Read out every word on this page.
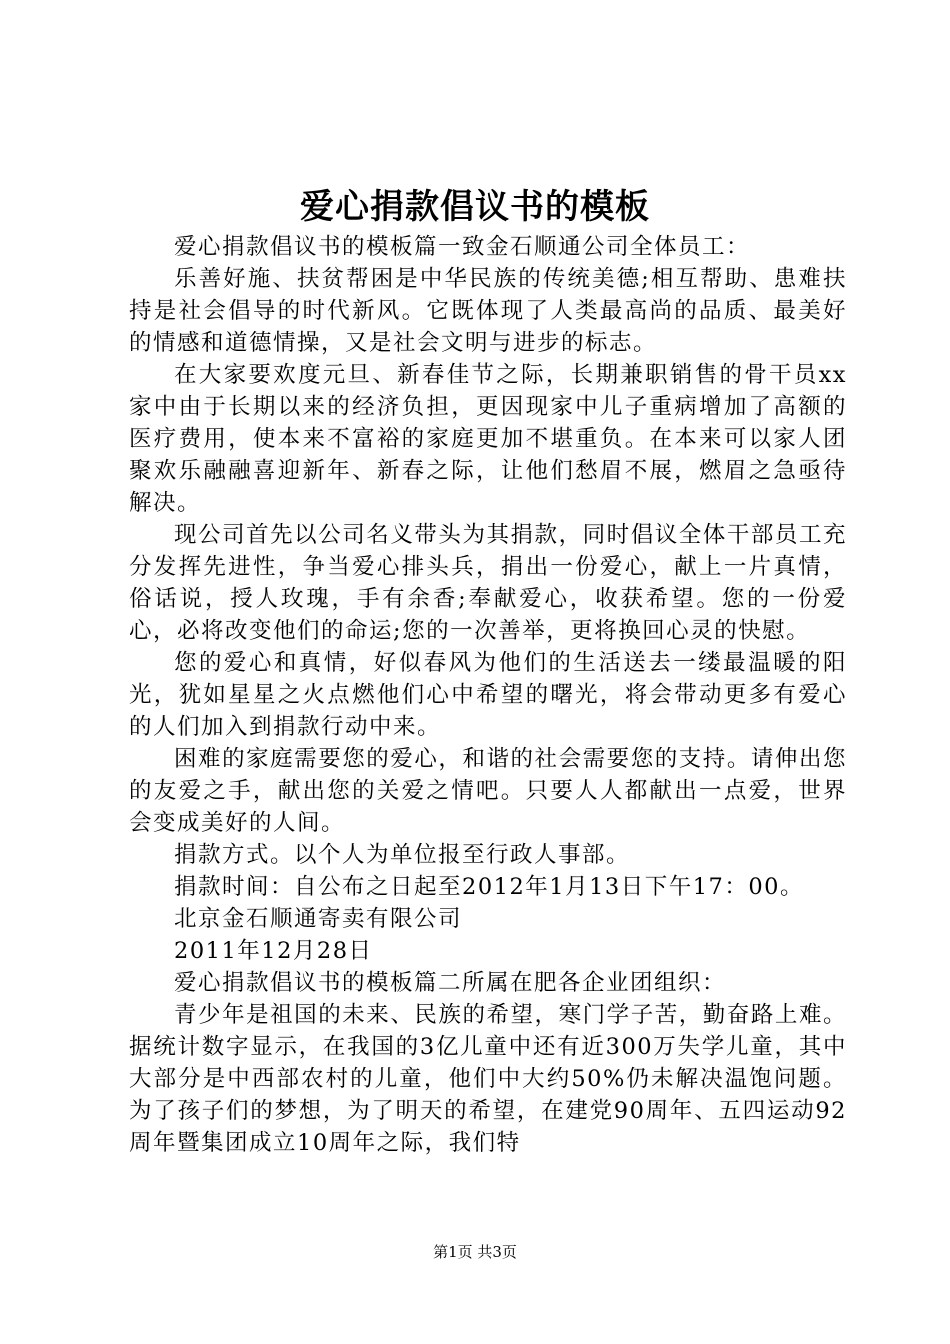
爱心捐款倡议书的模板

爱心捐款倡议书的模板篇一致金石顺通公司全体员工：

乐善好施、扶贫帮困是中华民族的传统美德;相互帮助、患难扶持是社会倡导的时代新风。它既体现了人类最高尚的品质、最美好的情感和道德情操，又是社会文明与进步的标志。

在大家要欢度元旦、新春佳节之际，长期兼职销售的骨干员xx家中由于长期以来的经济负担，更因现家中儿子重病增加了高额的医疗费用，使本来不富裕的家庭更加不堪重负。在本来可以家人团聚欢乐融融喜迎新年、新春之际，让他们愁眉不展，燃眉之急亟待解决。

现公司首先以公司名义带头为其捐款，同时倡议全体干部员工充分发挥先进性，争当爱心排头兵，捐出一份爱心，献上一片真情，俗话说，授人玫瑰，手有余香;奉献爱心，收获希望。您的一份爱心，必将改变他们的命运;您的一次善举，更将换回心灵的快慰。

您的爱心和真情，好似春风为他们的生活送去一缕最温暖的阳光，犹如星星之火点燃他们心中希望的曙光，将会带动更多有爱心的人们加入到捐款行动中来。

困难的家庭需要您的爱心，和谐的社会需要您的支持。请伸出您的友爱之手，献出您的关爱之情吧。只要人人都献出一点爱，世界会变成美好的人间。

捐款方式。以个人为单位报至行政人事部。

捐款时间：自公布之日起至2012年1月13日下午17：00。

北京金石顺通寄卖有限公司

2011年12月28日

爱心捐款倡议书的模板篇二所属在肥各企业团组织：

青少年是祖国的未来、民族的希望，寒门学子苦，勤奋路上难。据统计数字显示，在我国的3亿儿童中还有近300万失学儿童，其中大部分是中西部农村的儿童，他们中大约50%仍未解决温饱问题。为了孩子们的梦想，为了明天的希望，在建党90周年、五四运动92周年暨集团成立10周年之际，我们特

第1页 共3页
